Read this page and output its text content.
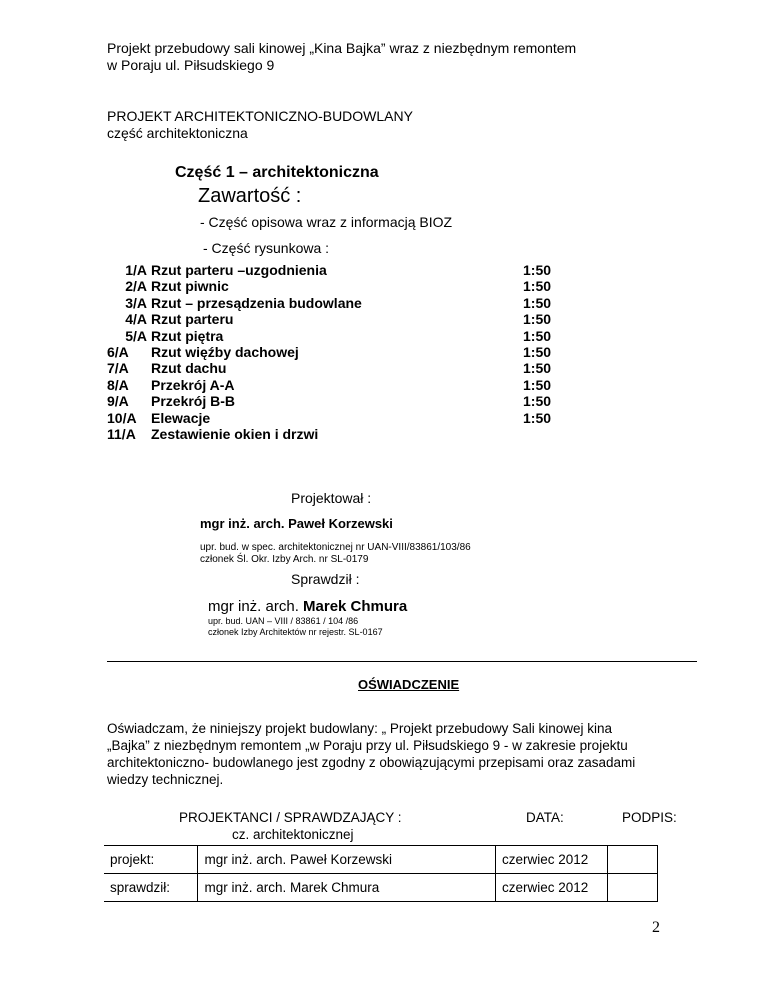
Projekt przebudowy sali kinowej „Kina Bajka” wraz z niezbędnym remontem
w Poraju ul. Piłsudskiego 9
PROJEKT ARCHITEKTONICZNO-BUDOWLANY
część architektoniczna
Część 1 – architektoniczna
Zawartość :
- Część opisowa wraz z informacją BIOZ
- Część rysunkowa :
1/A Rzut parteru –uzgodnienia	1:50
2/A Rzut piwnic	1:50
3/A Rzut – przesądzenia budowlane	1:50
4/A Rzut parteru	1:50
5/A Rzut piętra	1:50
6/A	Rzut więźby dachowej	1:50
7/A	Rzut dachu	1:50
8/A	Przekrój A-A	1:50
9/A	Przekrój B-B	1:50
10/A	Elewacje	1:50
11/A	Zestawienie okien i drzwi
Projektował :
mgr inż. arch. Paweł Korzewski
upr. bud. w spec. architektonicznej nr UAN-VIII/83861/103/86
członek Śl. Okr. Izby Arch. nr SL-0179
Sprawdził :
mgr inż. arch. Marek Chmura
upr. bud. UAN – VIII / 83861 / 104 /86
członek Izby Architektów nr rejestr. SL-0167
OŚWIADCZENIE
Oświadczam, że niniejszy projekt budowlany: „ Projekt przebudowy Sali kinowej kina
„Bajka” z niezbędnym remontem „w Poraju przy ul. Piłsudskiego 9 - w zakresie projektu
architektoniczno- budowlanego jest zgodny z obowiązującymi przepisami oraz zasadami
wiedzy technicznej.
PROJEKTANCI / SPRAWDZAJĄCY :
cz. architektonicznej
DATA:	PODPIS:
projekt:	mgr inż. arch. Paweł Korzewski	czerwiec 2012	
sprawdził:	mgr inż. arch. Marek Chmura	czerwiec 2012	
2
